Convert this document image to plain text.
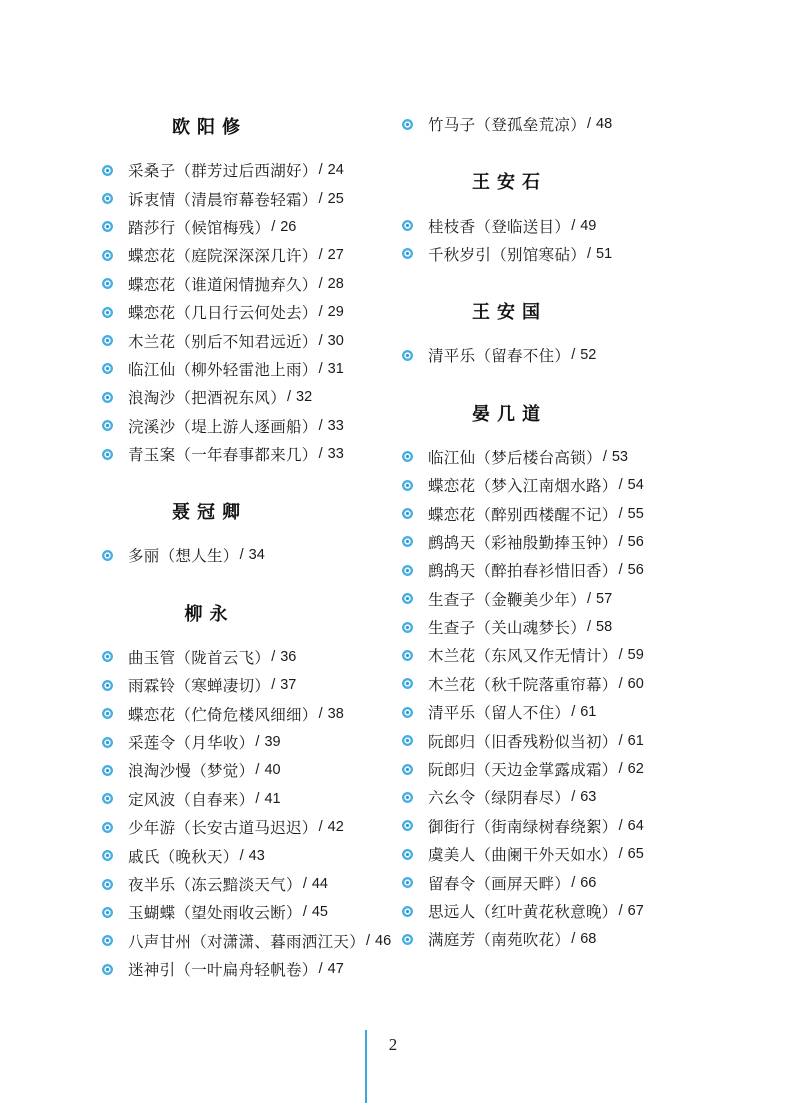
欧阳修
采桑子（群芳过后西湖好） / 24
诉衷情（清晨帘幕卷轻霜） / 25
踏莎行（候馆梅残） / 26
蝶恋花（庭院深深深几许） / 27
蝶恋花（谁道闲情抛弃久） / 28
蝶恋花（几日行云何处去） / 29
木兰花（别后不知君远近） / 30
临江仙（柳外轻雷池上雨） / 31
浪淘沙（把酒祝东风） / 32
浣溪沙（堤上游人逐画船） / 33
青玉案（一年春事都来几） / 33
聂冠卿
多丽（想人生） / 34
柳永
曲玉管（陇首云飞） / 36
雨霖铃（寒蝉凄切） / 37
蝶恋花（伫倚危楼风细细） / 38
采莲令（月华收） / 39
浪淘沙慢（梦觉） / 40
定风波（自春来） / 41
少年游（长安古道马迟迟） / 42
戚氏（晚秋天） / 43
夜半乐（冻云黯淡天气） / 44
玉蝴蝶（望处雨收云断） / 45
八声甘州（对潇潇、暮雨洒江天） / 46
迷神引（一叶扁舟轻帆卷） / 47
竹马子（登孤垒荒凉） / 48
王安石
桂枝香（登临送目） / 49
千秋岁引（别馆寒砧） / 51
王安国
清平乐（留春不住） / 52
晏几道
临江仙（梦后楼台高锁） / 53
蝶恋花（梦入江南烟水路） / 54
蝶恋花（醉别西楼醒不记） / 55
鹧鸪天（彩袖殷勤捧玉钟） / 56
鹧鸪天（醉拍春衫惜旧香） / 56
生查子（金鞭美少年） / 57
生查子（关山魂梦长） / 58
木兰花（东风又作无情计） / 59
木兰花（秋千院落重帘幕） / 60
清平乐（留人不住） / 61
阮郎归（旧香残粉似当初） / 61
阮郎归（天边金掌露成霜） / 62
六幺令（绿阴春尽） / 63
御街行（街南绿树春绕絮） / 64
虞美人（曲阑干外天如水） / 65
留春令（画屏天畔） / 66
思远人（红叶黄花秋意晚） / 67
满庭芳（南苑吹花） / 68
2
